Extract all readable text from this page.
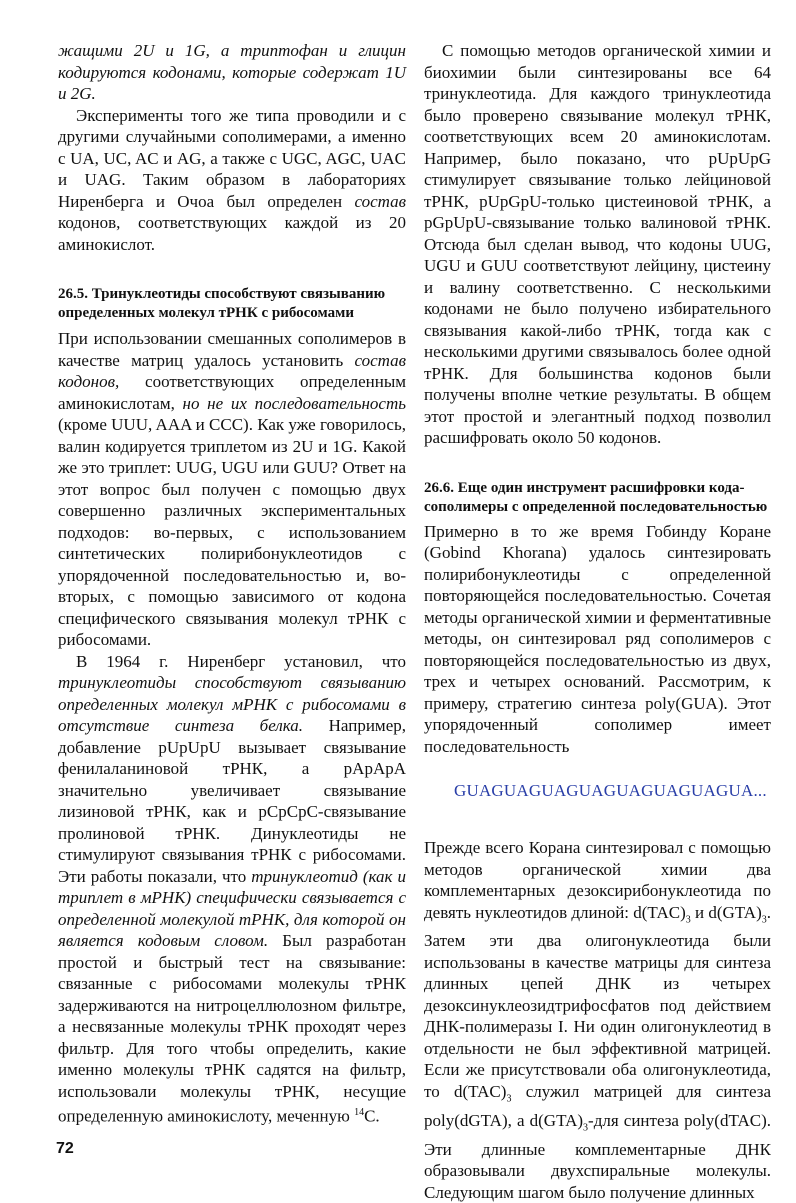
жащими 2U и 1G, а триптофан и глицин кодируются кодонами, которые содержат 1U и 2G.

Эксперименты того же типа проводили и с другими случайными сополимерами, а именно с UA, UC, AC и AG, а также с UGC, AGC, UAC и UAG. Таким образом в лабораториях Ниренберга и Очоа был определен состав кодонов, соответствующих каждой из 20 аминокислот.

26.5. Тринуклеотиды способствуют связыванию определенных молекул тРНК с рибосомами

При использовании смешанных сополимеров в качестве матриц удалось установить состав кодонов, соответствующих определенным аминокислотам, но не их последовательность (кроме UUU, AAA и CCC). Как уже говорилось, валин кодируется триплетом из 2U и 1G. Какой же это триплет: UUG, UGU или GUU? Ответ на этот вопрос был получен с помощью двух совершенно различных экспериментальных подходов: во-первых, с использованием синтетических полирибонуклеотидов с упорядоченной последовательностью и, во-вторых, с помощью зависимого от кодона специфического связывания молекул тРНК с рибосомами.

В 1964 г. Ниренберг установил, что тринуклеотиды способствуют связыванию определенных молекул мРНК с рибосомами в отсутствие синтеза белка. Например, добавление pUpUpU вызывает связывание фенилаланиновой тРНК, а pApApA значительно увеличивает связывание лизиновой тРНК, как и pCpCpC-связывание пролиновой тРНК. Динуклеотиды не стимулируют связывания тРНК с рибосомами. Эти работы показали, что тринуклеотид (как и триплет в мРНК) специфически связывается с определенной молекулой тРНК, для которой он является кодовым словом. Был разработан простой и быстрый тест на связывание: связанные с рибосомами молекулы тРНК задерживаются на нитроцеллюлозном фильтре, а несвязанные молекулы тРНК проходят через фильтр. Для того чтобы определить, какие именно молекулы тРНК садятся на фильтр, использовали молекулы тРНК, несущие определенную аминокислоту, меченную $^{14}$C.

С помощью методов органической химии и биохимии были синтезированы все 64 тринуклеотида. Для каждого тринуклеотида было проверено связывание молекул тРНК, соответствующих всем 20 аминокислотам. Например, было показано, что pUpUpG стимулирует связывание только лейциновой тРНК, pUpGpU-только цистеиновой тРНК, а pGpUpU-связывание только валиновой тРНК. Отсюда был сделан вывод, что кодоны UUG, UGU и GUU соответствуют лейцину, цистеину и валину соответственно. С несколькими кодонами не было получено избирательного связывания какой-либо тРНК, тогда как с несколькими другими связывалось более одной тРНК. Для большинства кодонов были получены вполне четкие результаты. В общем этот простой и элегантный подход позволил расшифровать около 50 кодонов.

26.6. Еще один инструмент расшифровки кода-сополимеры с определенной последовательностью

Примерно в то же время Гобинду Коране (Gobind Khorana) удалось синтезировать полирибонуклеотиды с определенной повторяющейся последовательностью. Сочетая методы органической химии и ферментативные методы, он синтезировал ряд сополимеров с повторяющейся последовательностью из двух, трех и четырех оснований. Рассмотрим, к примеру, стратегию синтеза poly(GUA). Этот упорядоченный сополимер имеет последовательность

GUAGUAGUAGUAGUAGUAGUAGUA...

Прежде всего Корана синтезировал с помощью методов органической химии два комплементарных дезоксирибонуклеотида по девять нуклеотидов длиной: $d(TAC)_3$ и $d(GTA)_3$. Затем эти два олигонуклеотида были использованы в качестве матрицы для синтеза длинных цепей ДНК из четырех дезоксинуклеозидтрифосфатов под действием ДНК-полимеразы I. Ни один олигонуклеотид в отдельности не был эффективной матрицей. Если же присутствовали оба олигонуклеотида, то $d(TAC)_3$ служил матрицей для синтеза poly(dGTA), а $d(GTA)_3$-для синтеза poly(dTAC). Эти длинные комплементарные ДНК образовывали двухспиральные молекулы. Следующим шагом было получение длинных

72
